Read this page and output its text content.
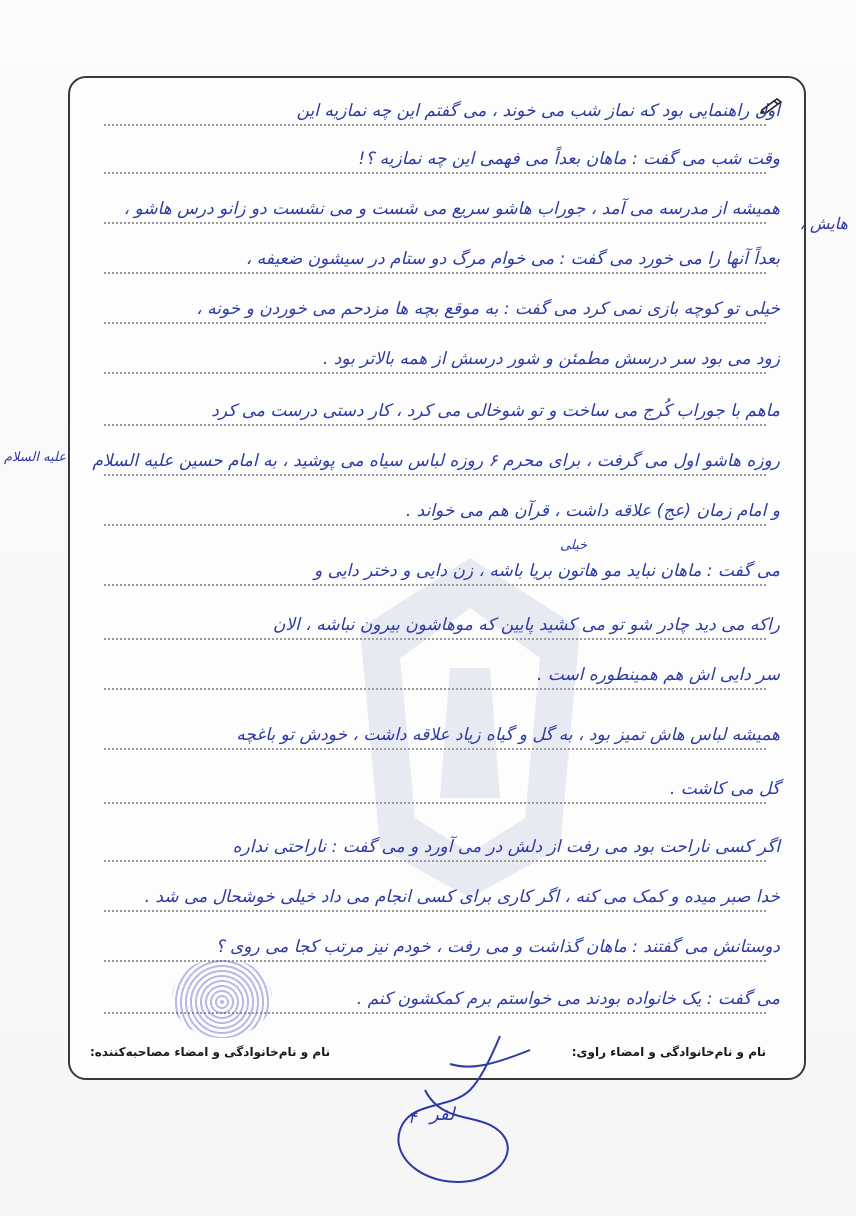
اول راهنمایی بود که نماز شب می خوند ، می گفتم این چه نمازیه این
وقت شب می گفت : ماهان بعداً می فهمی این چه نمازیه ؟!
همیشه از مدرسه می آمد ، جوراب هاشو سریع می شست و می نشست دو زانو درس هاشو ،
بعداً آنها را می خورد می گفت : می خوام مرگ دو ستام در سیشون ضعیفه ،
خیلی تو کوچه بازی نمی کرد می گفت : به موقع بچه ها مزدحم می خوردن و خونه ،
زود می بود سر درسش مطمئن و شور درسش از همه بالاتر بود .
ماهم با جوراب کُرج می ساخت و تو شوخالی می کرد ، کار دستی درست می کرد
روزه هاشو اول می گرفت ، برای محرم ۶ روزه لباس سیاه می پوشید ، به امام حسین علیه السلام
و امام زمان (عج) علاقه داشت ، قرآن هم می خواند .
می گفت : ماهان نباید مو هاتون بریا باشه ، زن دایی و دختر دایی و
راکه می دید چادر شو تو می کشید پایین که موهاشون بیرون نباشه ، الان
سر دایی اش هم همینطوره است .
همیشه لباس هاش تمیز بود ، به گل و گیاه زیاد علاقه داشت ، خودش تو باغچه
گل می کاشت .
اگر کسی ناراحت بود می رفت از دلش در می آورد و می گفت : ناراحتی نداره
خدا صبر میده و کمک می کنه ، اگر کاری برای کسی انجام می داد خیلی خوشحال می شد .
دوستانش می گفتند : ماهان گذاشت و می رفت ، خودم نیز مرتب کجا می روی ؟
می گفت : یک خانواده بودند می خواستم برم کمکشون کنم .
هایش ،
علیه السلام
خیلی
نام و نام‌خانوادگی و امضاء راوی:
نام و نام‌خانوادگی و امضاء مصاحبه‌کننده:
لفر
۴
